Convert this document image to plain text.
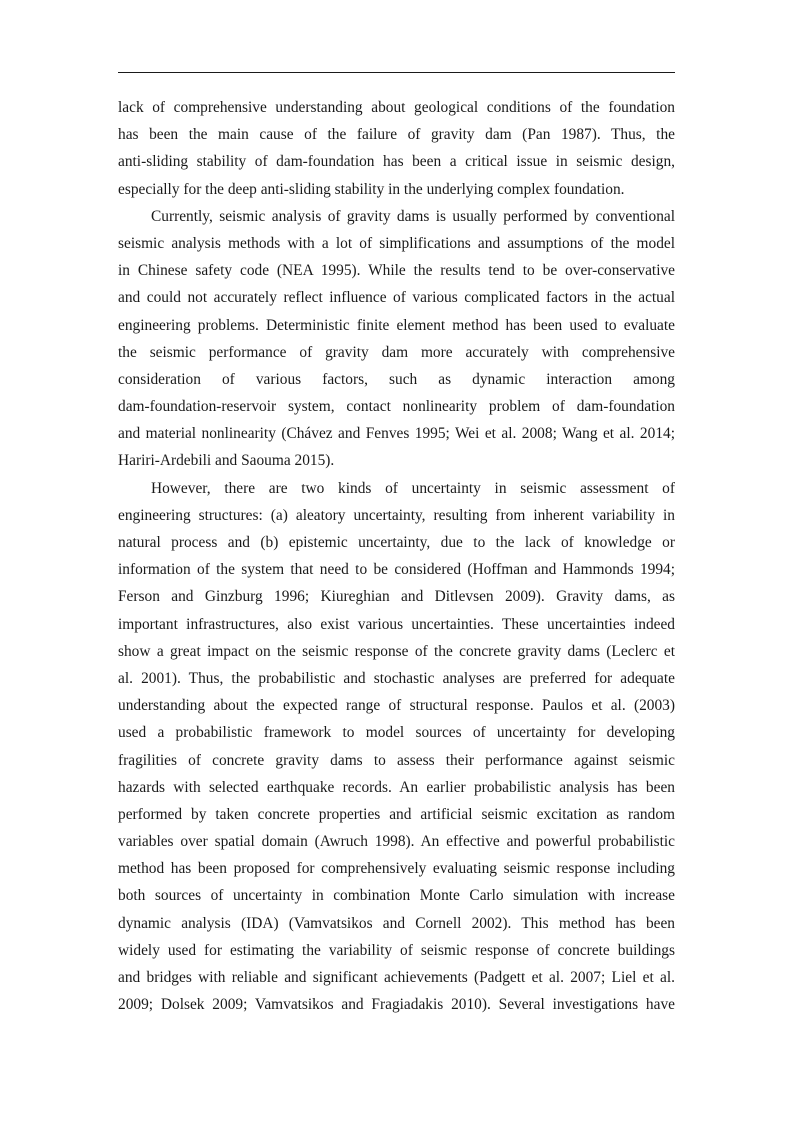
lack of comprehensive understanding about geological conditions of the foundation
has been the main cause of the failure of gravity dam (Pan 1987). Thus, the
anti-sliding stability of dam-foundation has been a critical issue in seismic design,
especially for the deep anti-sliding stability in the underlying complex foundation.
Currently, seismic analysis of gravity dams is usually performed by conventional
seismic analysis methods with a lot of simplifications and assumptions of the model
in Chinese safety code (NEA 1995). While the results tend to be over-conservative
and could not accurately reflect influence of various complicated factors in the actual
engineering problems. Deterministic finite element method has been used to evaluate
the seismic performance of gravity dam more accurately with comprehensive
consideration of various factors, such as dynamic interaction among
dam-foundation-reservoir system, contact nonlinearity problem of dam-foundation
and material nonlinearity (Chávez and Fenves 1995; Wei et al. 2008; Wang et al. 2014;
Hariri‐Ardebili and Saouma 2015).
However, there are two kinds of uncertainty in seismic assessment of
engineering structures: (a) aleatory uncertainty, resulting from inherent variability in
natural process and (b) epistemic uncertainty, due to the lack of knowledge or
information of the system that need to be considered (Hoffman and Hammonds 1994;
Ferson and Ginzburg 1996; Kiureghian and Ditlevsen 2009). Gravity dams, as
important infrastructures, also exist various uncertainties. These uncertainties indeed
show a great impact on the seismic response of the concrete gravity dams (Leclerc et
al. 2001). Thus, the probabilistic and stochastic analyses are preferred for adequate
understanding about the expected range of structural response. Paulos et al. (2003)
used a probabilistic framework to model sources of uncertainty for developing
fragilities of concrete gravity dams to assess their performance against seismic
hazards with selected earthquake records. An earlier probabilistic analysis has been
performed by taken concrete properties and artificial seismic excitation as random
variables over spatial domain (Awruch 1998). An effective and powerful probabilistic
method has been proposed for comprehensively evaluating seismic response including
both sources of uncertainty in combination Monte Carlo simulation with increase
dynamic analysis (IDA) (Vamvatsikos and Cornell 2002). This method has been
widely used for estimating the variability of seismic response of concrete buildings
and bridges with reliable and significant achievements (Padgett et al. 2007; Liel et al.
2009; Dolsek 2009; Vamvatsikos and Fragiadakis 2010). Several investigations have
